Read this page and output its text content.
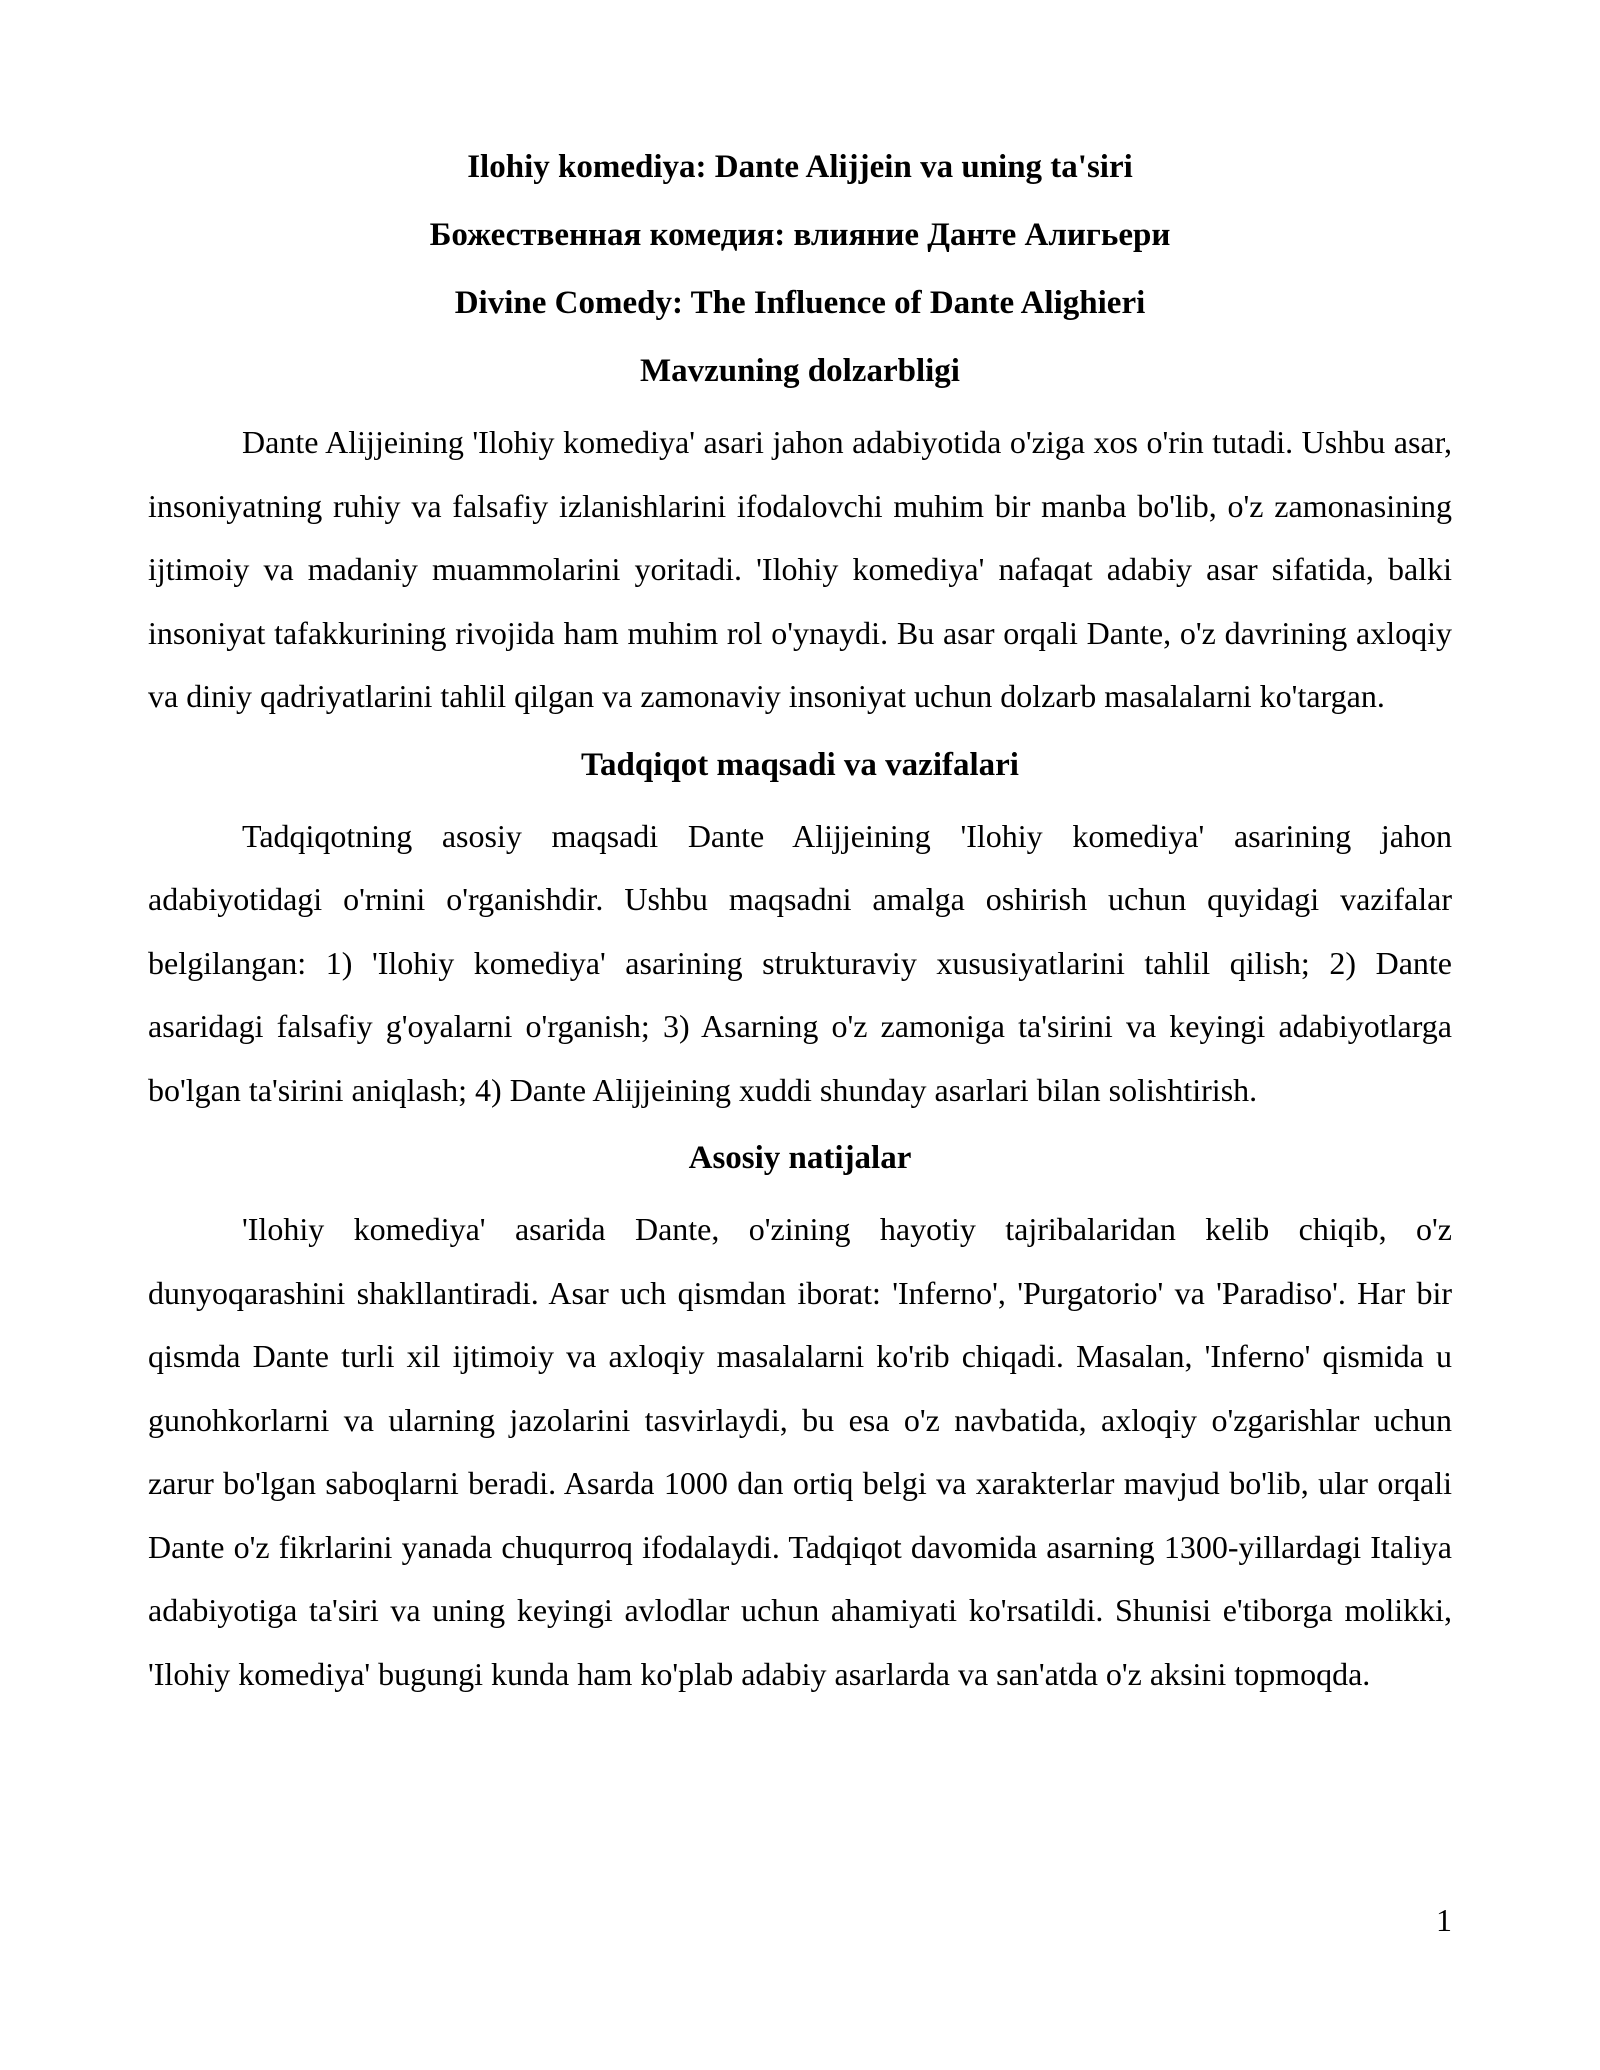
Ilohiy komediya: Dante Alijjein va uning ta'siri
Божественная комедия: влияние Данте Алигьери
Divine Comedy: The Influence of Dante Alighieri
Mavzuning dolzarbligi

Dante Alijjeining 'Ilohiy komediya' asari jahon adabiyotida o'ziga xos o'rin tutadi. Ushbu asar, insoniyatning ruhiy va falsafiy izlanishlarini ifodalovchi muhim bir manba bo'lib, o'z zamonasining ijtimoiy va madaniy muammolarini yoritadi. 'Ilohiy komediya' nafaqat adabiy asar sifatida, balki insoniyat tafakkurining rivojida ham muhim rol o'ynaydi. Bu asar orqali Dante, o'z davrining axloqiy va diniy qadriyatlarini tahlil qilgan va zamonaviy insoniyat uchun dolzarb masalalarni ko'targan.

Tadqiqot maqsadi va vazifalari

Tadqiqotning asosiy maqsadi Dante Alijjeining 'Ilohiy komediya' asarining jahon adabiyotidagi o'rnini o'rganishdir. Ushbu maqsadni amalga oshirish uchun quyidagi vazifalar belgilangan: 1) 'Ilohiy komediya' asarining strukturaviy xususiyatlarini tahlil qilish; 2) Dante asaridagi falsafiy g'oyalarni o'rganish; 3) Asarning o'z zamoniga ta'sirini va keyingi adabiyotlarga bo'lgan ta'sirini aniqlash; 4) Dante Alijjeining xuddi shunday asarlari bilan solishtirish.

Asosiy natijalar

'Ilohiy komediya' asarida Dante, o'zining hayotiy tajribalaridan kelib chiqib, o'z dunyoqarashini shakllantiradi. Asar uch qismdan iborat: 'Inferno', 'Purgatorio' va 'Paradiso'. Har bir qismda Dante turli xil ijtimoiy va axloqiy masalalarni ko'rib chiqadi. Masalan, 'Inferno' qismida u gunohkorlarni va ularning jazolarini tasvirlaydi, bu esa o'z navbatida, axloqiy o'zgarishlar uchun zarur bo'lgan saboqlarni beradi. Asarda 1000 dan ortiq belgi va xarakterlar mavjud bo'lib, ular orqali Dante o'z fikrlarini yanada chuqurroq ifodalaydi. Tadqiqot davomida asarning 1300-yillardagi Italiya adabiyotiga ta'siri va uning keyingi avlodlar uchun ahamiyati ko'rsatildi. Shunisi e'tiborga molikki, 'Ilohiy komediya' bugungi kunda ham ko'plab adabiy asarlarda va san'atda o'z aksini topmoqda.

1
